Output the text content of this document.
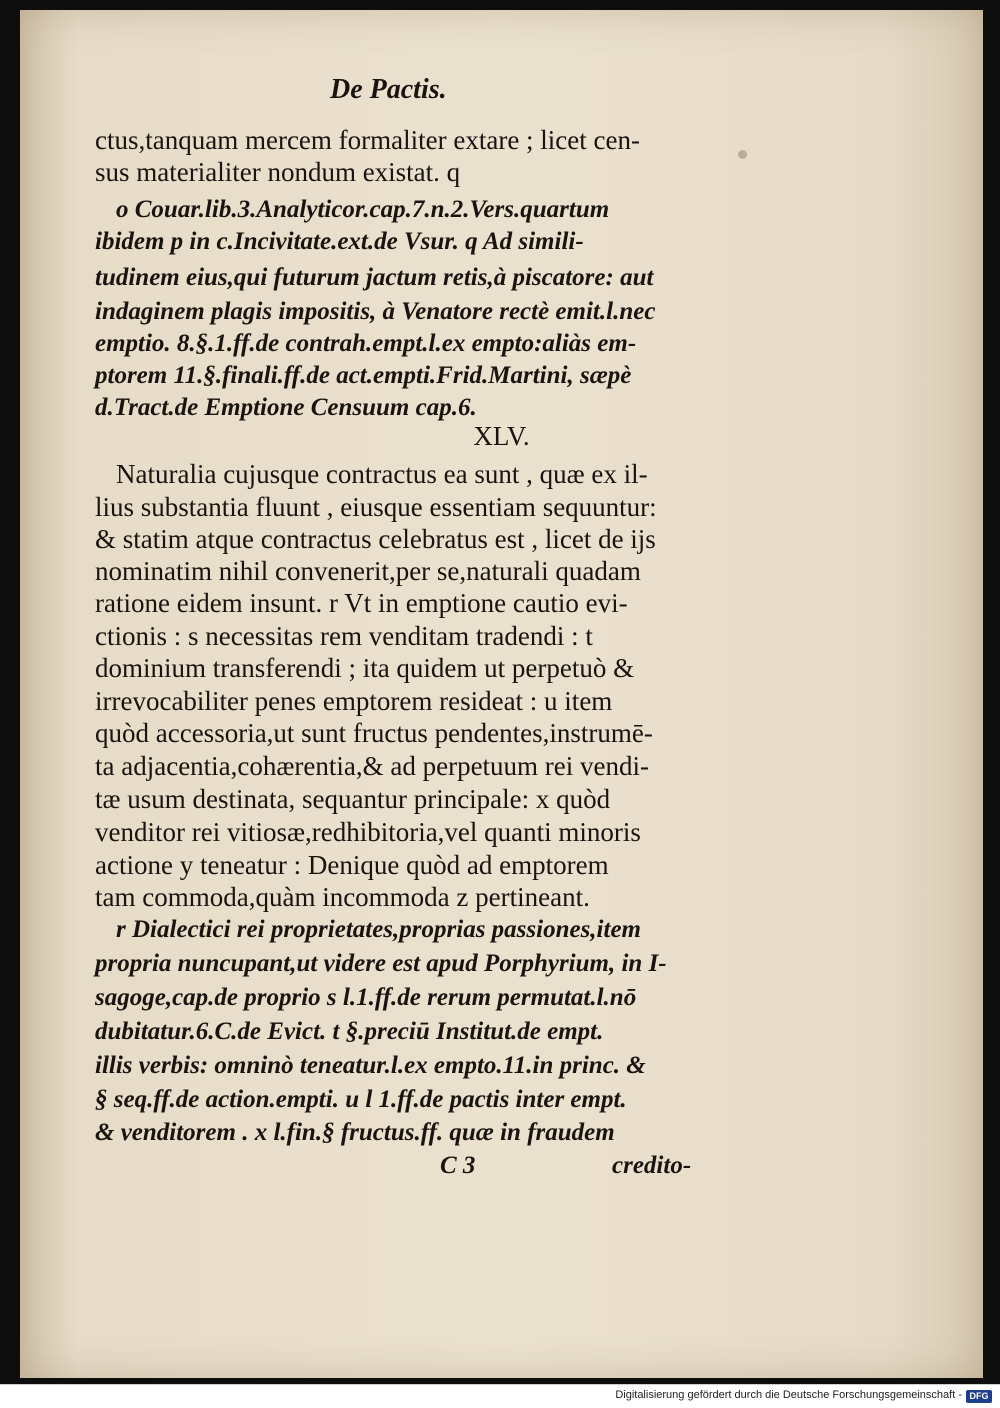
De Pactis.

ctus,tanquam mercem formaliter extare ; licet cen-

sus materialiter nondum existat. q

o Couar.lib.3.Analyticor.cap.7.n.2.Vers.quartum

ibidem p in c.Incivitate.ext.de Vsur. q Ad simili-

tudinem eius,qui futurum jactum retis,à piscatore: aut

indaginem plagis impositis, à Venatore rectè emit.l.nec

emptio. 8.§.1.ff.de contrah.empt.l.ex empto:aliàs em-

ptorem 11.§.finali.ff.de act.empti.Frid.Martini, sæpè

d.Tract.de Emptione Censuum cap.6.

XLV.

Naturalia cujusque contractus ea sunt , quæ ex il-

lius substantia fluunt , eiusque essentiam sequuntur:

& statim atque contractus celebratus est , licet de ijs

nominatim nihil convenerit,per se,naturali quadam

ratione eidem insunt. r Vt in emptione cautio evi-

ctionis : s necessitas rem venditam tradendi : t

dominium transferendi ; ita quidem ut perpetuò &

irrevocabiliter penes emptorem resideat : u item

quòd accessoria,ut sunt fructus pendentes,instrumē-

ta adjacentia,cohærentia,& ad perpetuum rei vendi-

tæ usum destinata, sequantur principale: x quòd

venditor rei vitiosæ,redhibitoria,vel quanti minoris

actione y teneatur : Denique quòd ad emptorem

tam commoda,quàm incommoda z pertineant.

r Dialectici rei proprietates,proprias passiones,item

propria nuncupant,ut videre est apud Porphyrium, in I-

sagoge,cap.de proprio s l.1.ff.de rerum permutat.l.nō

dubitatur.6.C.de Evict. t §.preciū Institut.de empt.

illis verbis: omninò teneatur.l.ex empto.11.in princ. &

§ seq.ff.de action.empti. u l 1.ff.de pactis inter empt.

& venditorem . x l.fin.§ fructus.ff. quæ in fraudem

C 3	credito-

Digitalisierung gefördert durch die Deutsche Forschungsgemeinschaft - DFG
